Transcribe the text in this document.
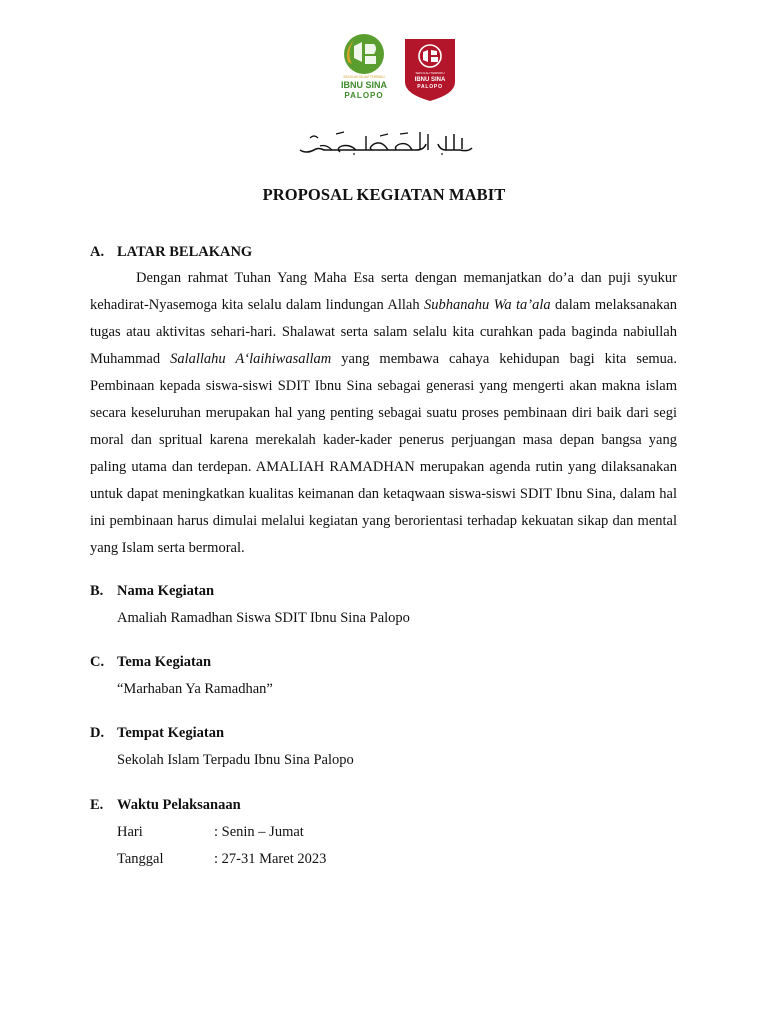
SEKOLAH ISLAM TERPADU
IBNU SINA
PALOPO
SEKOLAH TERPADU
IBNU SINA
PALOPO
PROPOSAL KEGIATAN MABIT
A. LATAR BELAKANG

Dengan rahmat Tuhan Yang Maha Esa serta dengan memanjatkan do’a dan puji syukur kehadirat-Nyasemoga kita selalu dalam lindungan Allah Subhanahu Wa ta’ala dalam melaksanakan tugas atau aktivitas sehari-hari. Shalawat serta salam selalu kita curahkan pada baginda nabiullah Muhammad Salallahu A‘laihiwasallam yang membawa cahaya kehidupan bagi kita semua. Pembinaan kepada siswa-siswi SDIT Ibnu Sina sebagai generasi yang mengerti akan makna islam secara keseluruhan merupakan hal yang penting sebagai suatu proses pembinaan diri baik dari segi moral dan spritual karena merekalah kader-kader penerus perjuangan masa depan bangsa yang paling utama dan terdepan. AMALIAH RAMADHAN merupakan agenda rutin yang dilaksanakan untuk dapat meningkatkan kualitas keimanan dan ketaqwaan siswa-siswi SDIT Ibnu Sina, dalam hal ini pembinaan harus dimulai melalui kegiatan yang berorientasi terhadap kekuatan sikap dan mental yang Islam serta bermoral.

B. Nama Kegiatan
Amaliah Ramadhan Siswa SDIT Ibnu Sina Palopo
C. Tema Kegiatan
“Marhaban Ya Ramadhan”
D. Tempat Kegiatan
Sekolah Islam Terpadu Ibnu Sina Palopo
E. Waktu Pelaksanaan
Hari	: Senin – Jumat
Tanggal	: 27-31 Maret 2023
